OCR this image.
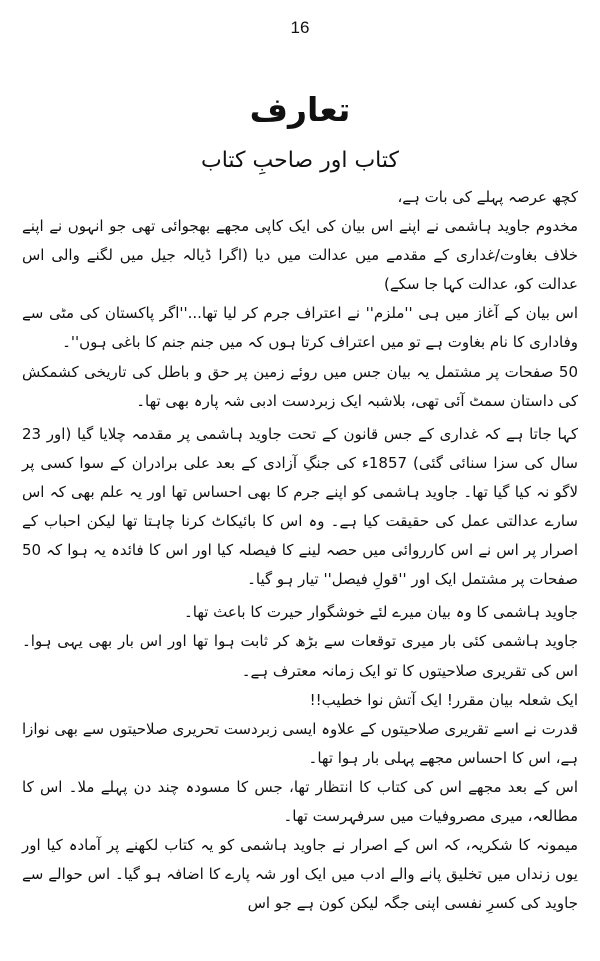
16
تعارف
کتاب اور صاحبِ کتاب

کچھ عرصہ پہلے کی بات ہے،

مخدوم جاوید ہاشمی نے اپنے اس بیان کی ایک کاپی مجھے بھجوائی تھی جو انہوں نے اپنے خلاف بغاوت/غداری کے مقدمے میں عدالت میں دیا (اگرا ڈیالہ جیل میں لگنے والی اس عدالت کو، عدالت کہا جا سکے)

اس بیان کے آغاز میں ہی ''ملزم'' نے اعتراف جرم کر لیا تھا...''اگر پاکستان کی مٹی سے وفاداری کا نام بغاوت ہے تو میں اعتراف کرتا ہوں کہ میں جنم جنم کا باغی ہوں''۔

50 صفحات پر مشتمل یہ بیان جس میں روئے زمین پر حق و باطل کی تاریخی کشمکش کی داستان سمٹ آئی تھی، بلاشبہ ایک زبردست ادبی شہ پارہ بھی تھا۔

کہا جاتا ہے کہ غداری کے جس قانون کے تحت جاوید ہاشمی پر مقدمہ چلایا گیا (اور 23 سال کی سزا سنائی گئی) 1857ء کی جنگِ آزادی کے بعد علی برادران کے سوا کسی پر لاگو نہ کیا گیا تھا۔ جاوید ہاشمی کو اپنے جرم کا بھی احساس تھا اور یہ علم بھی کہ اس سارے عدالتی عمل کی حقیقت کیا ہے۔ وہ اس کا بائیکاٹ کرنا چاہتا تھا لیکن احباب کے اصرار پر اس نے اس کارروائی میں حصہ لینے کا فیصلہ کیا اور اس کا فائدہ یہ ہوا کہ 50 صفحات پر مشتمل ایک اور ''قولِ فیصل'' تیار ہو گیا۔

جاوید ہاشمی کا وہ بیان میرے لئے خوشگوار حیرت کا باعث تھا۔

جاوید ہاشمی کئی بار میری توقعات سے بڑھ کر ثابت ہوا تھا اور اس بار بھی یہی ہوا۔ اس کی تقریری صلاحیتوں کا تو ایک زمانہ معترف ہے۔

ایک شعلہ بیان مقرر! ایک آتش نوا خطیب!!

قدرت نے اسے تقریری صلاحیتوں کے علاوہ ایسی زبردست تحریری صلاحیتوں سے بھی نوازا ہے، اس کا احساس مجھے پہلی بار ہوا تھا۔

اس کے بعد مجھے اس کی کتاب کا انتظار تھا، جس کا مسودہ چند دن پہلے ملا۔ اس کا مطالعہ، میری مصروفیات میں سرفہرست تھا۔

میمونہ کا شکریہ، کہ اس کے اصرار نے جاوید ہاشمی کو یہ کتاب لکھنے پر آمادہ کیا اور یوں زنداں میں تخلیق پانے والے ادب میں ایک اور شہ پارے کا اضافہ ہو گیا۔ اس حوالے سے جاوید کی کسرِ نفسی اپنی جگہ لیکن کون ہے جو اس
